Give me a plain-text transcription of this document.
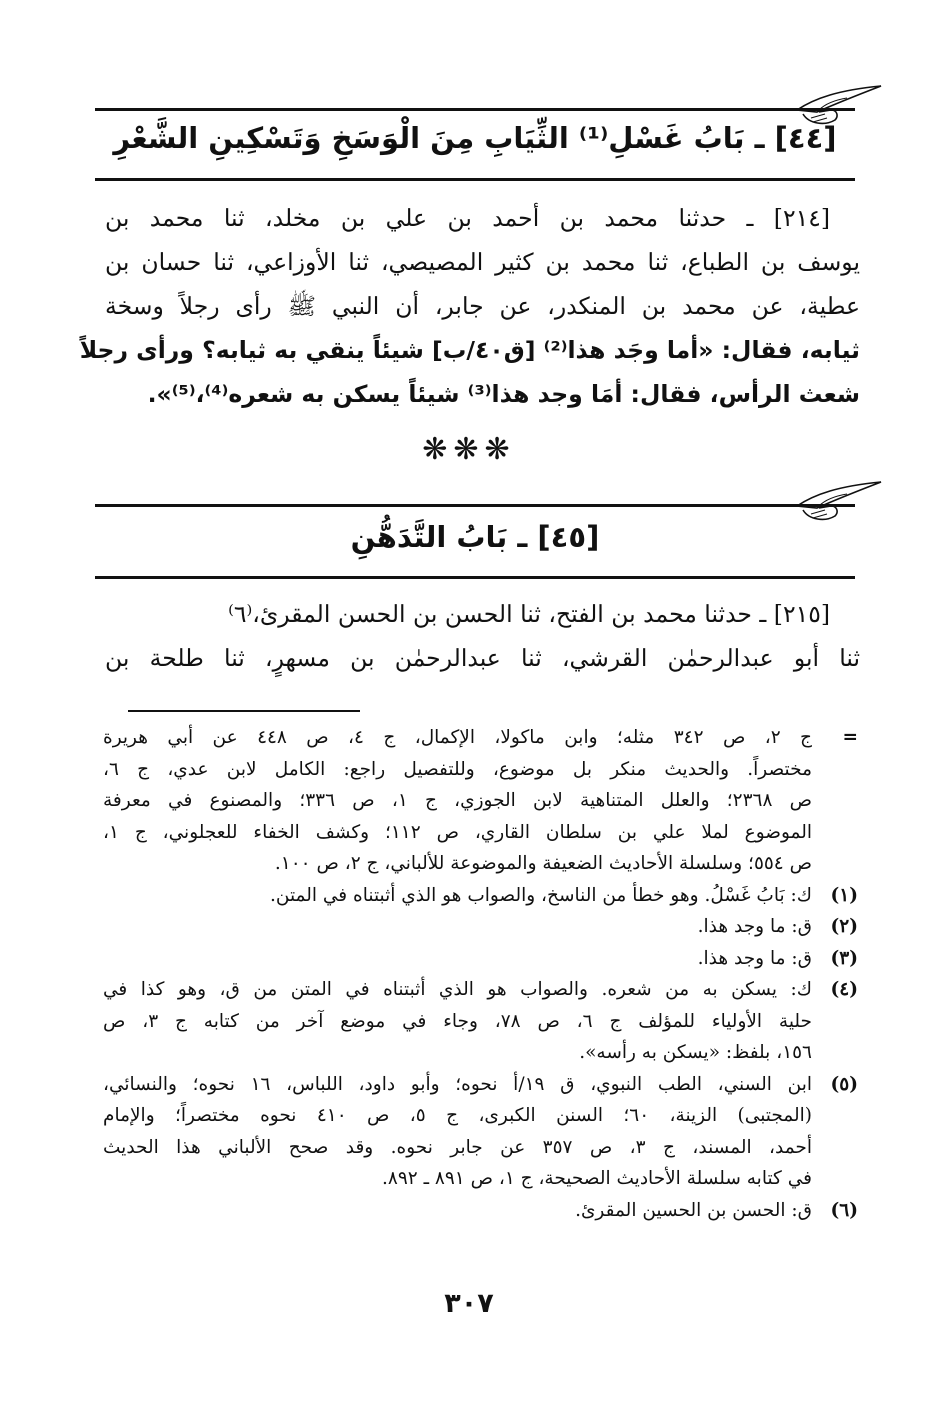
[٤٤] ـ بَابُ غَسْلِ⁽¹⁾ الثِّيَابِ مِنَ الْوَسَخِ وَتَسْكِينِ الشَّعْرِ
[٢١٤] ـ حدثنا محمد بن أحمد بن علي بن مخلد، ثنا محمد بن
يوسف بن الطباع، ثنا محمد بن كثير المصيصي، ثنا الأوزاعي، ثنا حسان بن
عطية، عن محمد بن المنكدر، عن جابر، أن النبي ﷺ رأى رجلاً وسخة
ثيابه، فقال: «أما وجَد هذا⁽²⁾ [ق٤٠/ب] شيئاً ينقي به ثيابه؟ ورأى رجلاً
شعث الرأس، فقال: أمَا وجد هذا⁽³⁾ شيئاً يسكن به شعره⁽⁴⁾،⁽⁵⁾».
❋❋❋
[٤٥] ـ بَابُ التَّدَهُّنِ
[٢١٥] ـ حدثنا محمد بن الفتح، ثنا الحسن بن الحسن المقرئ،⁽٦⁾
ثنا أبو عبدالرحمٰن القرشي، ثنا عبدالرحمٰن بن مسهرٍ، ثنا طلحة بن
=
ج ٢، ص ٣٤٢ مثله؛ وابن ماكولا، الإكمال، ج ٤، ص ٤٤٨ عن أبي هريرة
مختصراً. والحديث منكر بل موضوع، وللتفصيل راجع: الكامل لابن عدي، ج ٦،
ص ٢٣٦٨؛ والعلل المتناهية لابن الجوزي، ج ١، ص ٣٣٦؛ والمصنوع في معرفة
الموضوع لملا علي بن سلطان القاري، ص ١١٢؛ وكشف الخفاء للعجلوني، ج ١،
ص ٥٥٤؛ وسلسلة الأحاديث الضعيفة والموضوعة للألباني، ج ٢، ص ١٠٠.
(١)
ك: بَابُ غَسْلُ. وهو خطأ من الناسخ، والصواب هو الذي أثبتناه في المتن.
(٢)
ق: ما وجد هذا.
(٣)
ق: ما وجد هذا.
(٤)
ك: يسكن به من شعره. والصواب هو الذي أثبتناه في المتن من ق، وهو كذا في
حلية الأولياء للمؤلف ج ٦، ص ٧٨، وجاء في موضع آخر من كتابه ج ٣، ص
١٥٦، بلفظ: «يسكن به رأسه».
(٥)
ابن السني، الطب النبوي، ق ١٩/أ نحوه؛ وأبو داود، اللباس، ١٦ نحوه؛ والنسائي،
(المجتبى) الزينة، ٦٠؛ السنن الكبرى، ج ٥، ص ٤١٠ نحوه مختصراً؛ والإمام
أحمد، المسند، ج ٣، ص ٣٥٧ عن جابر نحوه. وقد صحح الألباني هذا الحديث
في كتابه سلسلة الأحاديث الصحيحة، ج ١، ص ٨٩١ ـ ٨٩٢.
(٦)
ق: الحسن بن الحسين المقرئ.
٣٠٧
